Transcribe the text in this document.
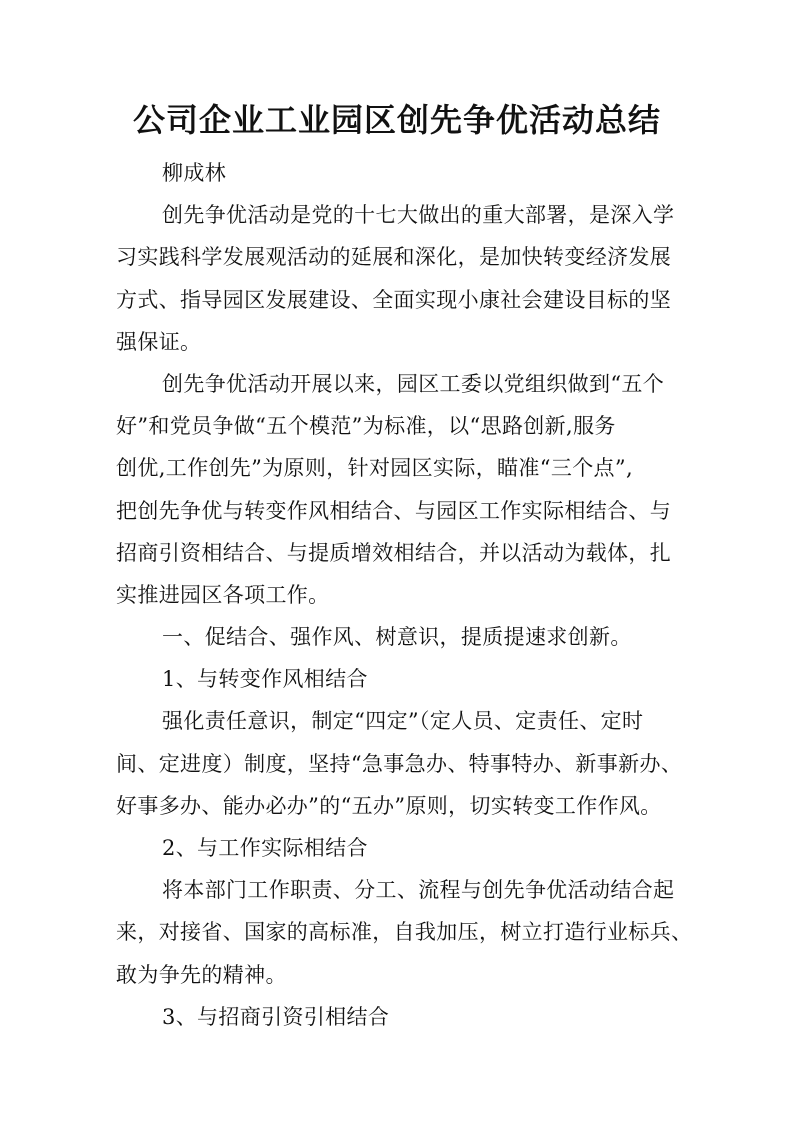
公司企业工业园区创先争优活动总结
柳成林
创先争优活动是党的十七大做出的重大部署，是深入学
习实践科学发展观活动的延展和深化，是加快转变经济发展
方式、指导园区发展建设、全面实现小康社会建设目标的坚
强保证。
创先争优活动开展以来，园区工委以党组织做到“五个
好”和党员争做“五个模范”为标准，以“思路创新,服务
创优,工作创先”为原则，针对园区实际，瞄准“三个点”,
把创先争优与转变作风相结合、与园区工作实际相结合、与
招商引资相结合、与提质增效相结合，并以活动为载体，扎
实推进园区各项工作。
一、促结合、强作风、树意识，提质提速求创新。
1、与转变作风相结合
强化责任意识，制定“四定”（定人员、定责任、定时
间、定进度）制度，坚持“急事急办、特事特办、新事新办、
好事多办、能办必办”的“五办”原则，切实转变工作作风。
2、与工作实际相结合
将本部门工作职责、分工、流程与创先争优活动结合起
来，对接省、国家的高标准，自我加压，树立打造行业标兵、
敢为争先的精神。
3、与招商引资引相结合
